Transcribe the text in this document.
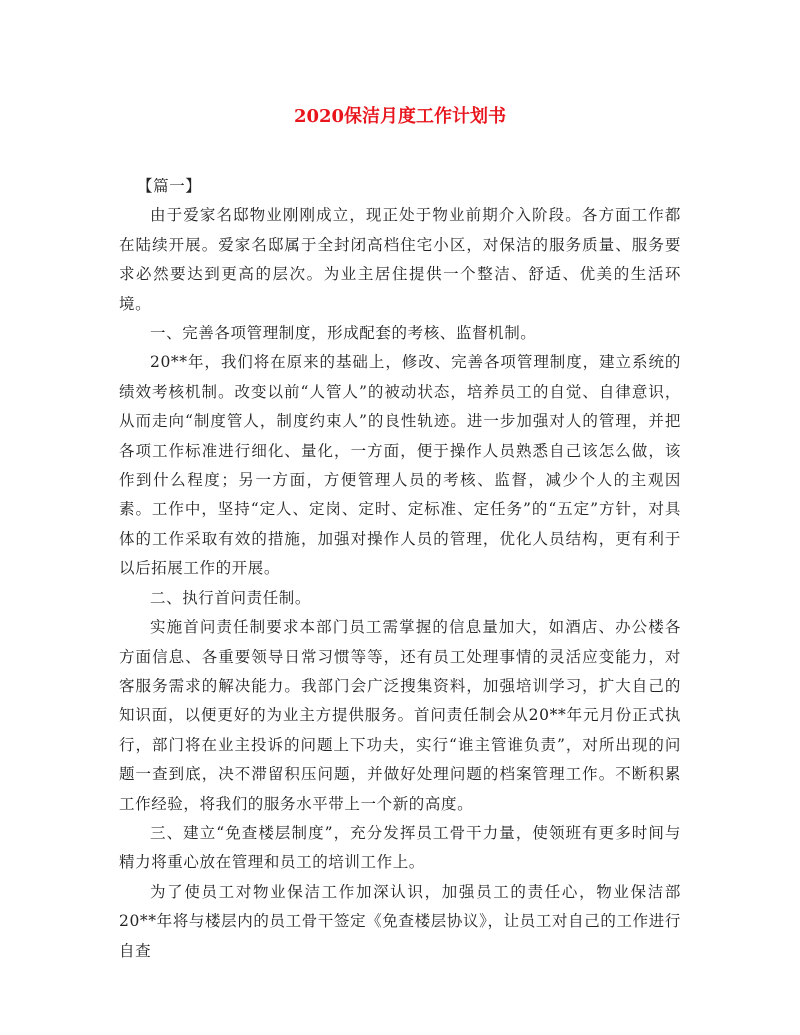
2020保洁月度工作计划书

【篇一】

由于爱家名邸物业刚刚成立，现正处于物业前期介入阶段。各方面工作都在陆续开展。爱家名邸属于全封闭高档住宅小区，对保洁的服务质量、服务要求必然要达到更高的层次。为业主居住提供一个整洁、舒适、优美的生活环境。

一、完善各项管理制度，形成配套的考核、监督机制。

20**年，我们将在原来的基础上，修改、完善各项管理制度，建立系统的绩效考核机制。改变以前“人管人”的被动状态，培养员工的自觉、自律意识，从而走向“制度管人，制度约束人”的良性轨迹。进一步加强对人的管理，并把各项工作标准进行细化、量化，一方面，便于操作人员熟悉自己该怎么做，该作到什么程度；另一方面，方便管理人员的考核、监督，减少个人的主观因素。工作中，坚持“定人、定岗、定时、定标准、定任务”的“五定”方针，对具体的工作采取有效的措施，加强对操作人员的管理，优化人员结构，更有利于以后拓展工作的开展。

二、执行首问责任制。

实施首问责任制要求本部门员工需掌握的信息量加大，如酒店、办公楼各方面信息、各重要领导日常习惯等等，还有员工处理事情的灵活应变能力，对客服务需求的解决能力。我部门会广泛搜集资料，加强培训学习，扩大自己的知识面，以便更好的为业主方提供服务。首问责任制会从20**年元月份正式执行，部门将在业主投诉的问题上下功夫，实行“谁主管谁负责”，对所出现的问题一查到底，决不滞留积压问题，并做好处理问题的档案管理工作。不断积累工作经验，将我们的服务水平带上一个新的高度。

三、建立“免查楼层制度”，充分发挥员工骨干力量，使领班有更多时间与精力将重心放在管理和员工的培训工作上。

为了使员工对物业保洁工作加深认识，加强员工的责任心，物业保洁部20**年将与楼层内的员工骨干签定《免查楼层协议》，让员工对自己的工作进行自查
